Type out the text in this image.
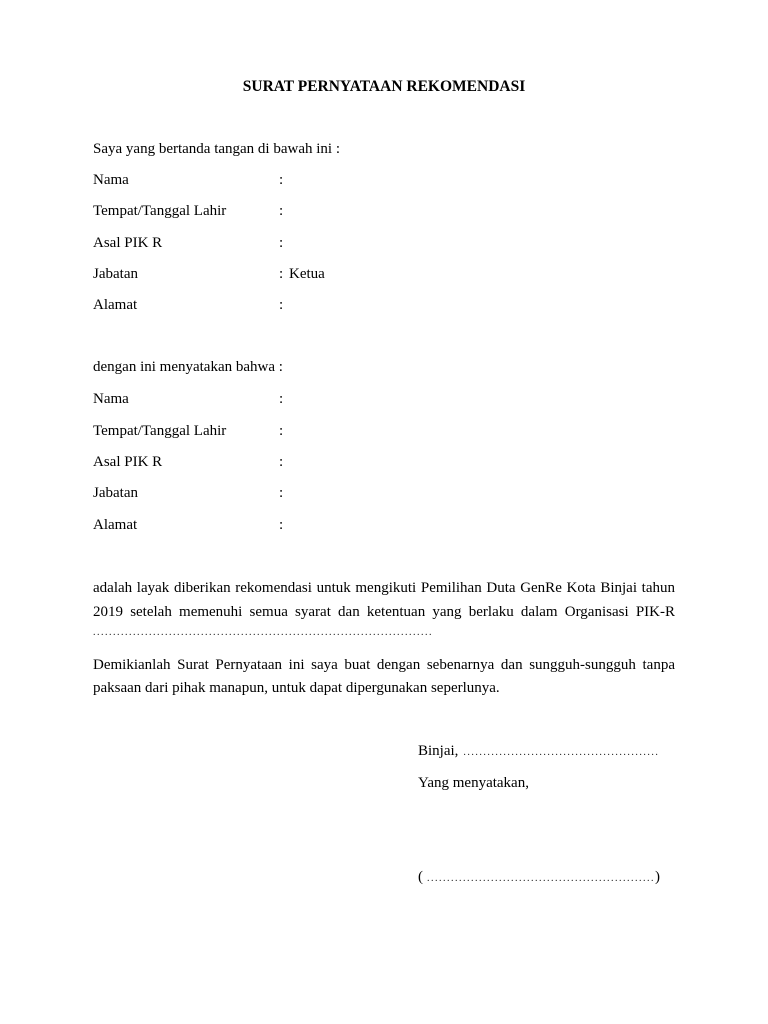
SURAT PERNYATAAN REKOMENDASI
Saya yang bertanda tangan di bawah ini :
Nama	:
Tempat/Tanggal Lahir	:
Asal PIK R	:
Jabatan	: Ketua
Alamat	:
dengan ini menyatakan bahwa :
Nama	:
Tempat/Tanggal Lahir	:
Asal PIK R	:
Jabatan	:
Alamat	:
adalah layak diberikan rekomendasi untuk mengikuti Pemilihan Duta GenRe Kota Binjai tahun
2019 setelah memenuhi semua syarat dan ketentuan yang berlaku dalam Organisasi PIK-R
.....................................................................................
Demikianlah Surat Pernyataan ini saya buat dengan sebenarnya dan sungguh-sungguh tanpa
paksaan dari pihak manapun, untuk dapat dipergunakan seperlunya.
Binjai, .................................................
Yang menyatakan,
( .........................................................)
